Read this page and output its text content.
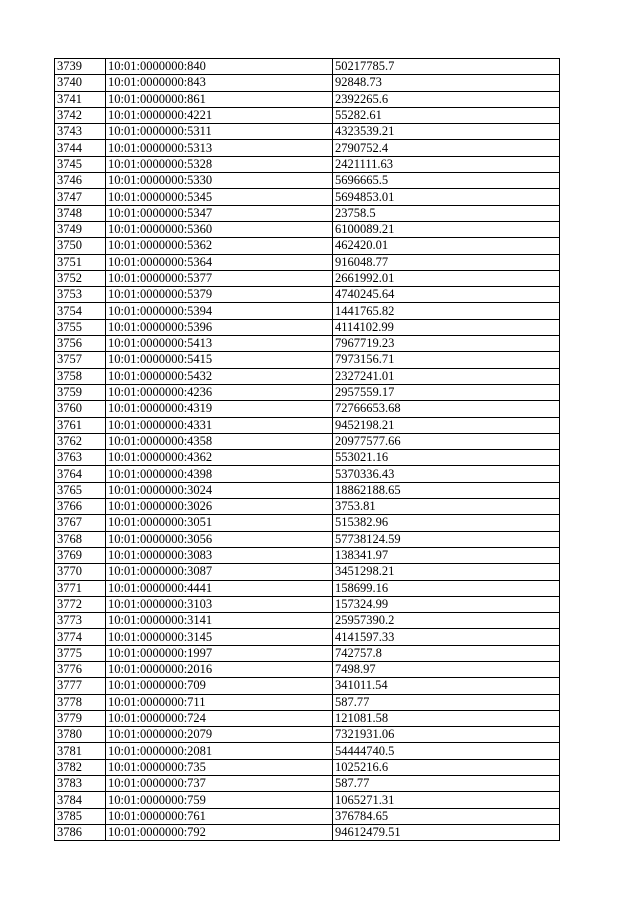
3739	10:01:0000000:840	50217785.7
3740	10:01:0000000:843	92848.73
3741	10:01:0000000:861	2392265.6
3742	10:01:0000000:4221	55282.61
3743	10:01:0000000:5311	4323539.21
3744	10:01:0000000:5313	2790752.4
3745	10:01:0000000:5328	2421111.63
3746	10:01:0000000:5330	5696665.5
3747	10:01:0000000:5345	5694853.01
3748	10:01:0000000:5347	23758.5
3749	10:01:0000000:5360	6100089.21
3750	10:01:0000000:5362	462420.01
3751	10:01:0000000:5364	916048.77
3752	10:01:0000000:5377	2661992.01
3753	10:01:0000000:5379	4740245.64
3754	10:01:0000000:5394	1441765.82
3755	10:01:0000000:5396	4114102.99
3756	10:01:0000000:5413	7967719.23
3757	10:01:0000000:5415	7973156.71
3758	10:01:0000000:5432	2327241.01
3759	10:01:0000000:4236	2957559.17
3760	10:01:0000000:4319	72766653.68
3761	10:01:0000000:4331	9452198.21
3762	10:01:0000000:4358	20977577.66
3763	10:01:0000000:4362	553021.16
3764	10:01:0000000:4398	5370336.43
3765	10:01:0000000:3024	18862188.65
3766	10:01:0000000:3026	3753.81
3767	10:01:0000000:3051	515382.96
3768	10:01:0000000:3056	57738124.59
3769	10:01:0000000:3083	138341.97
3770	10:01:0000000:3087	3451298.21
3771	10:01:0000000:4441	158699.16
3772	10:01:0000000:3103	157324.99
3773	10:01:0000000:3141	25957390.2
3774	10:01:0000000:3145	4141597.33
3775	10:01:0000000:1997	742757.8
3776	10:01:0000000:2016	7498.97
3777	10:01:0000000:709	341011.54
3778	10:01:0000000:711	587.77
3779	10:01:0000000:724	121081.58
3780	10:01:0000000:2079	7321931.06
3781	10:01:0000000:2081	54444740.5
3782	10:01:0000000:735	1025216.6
3783	10:01:0000000:737	587.77
3784	10:01:0000000:759	1065271.31
3785	10:01:0000000:761	376784.65
3786	10:01:0000000:792	94612479.51
